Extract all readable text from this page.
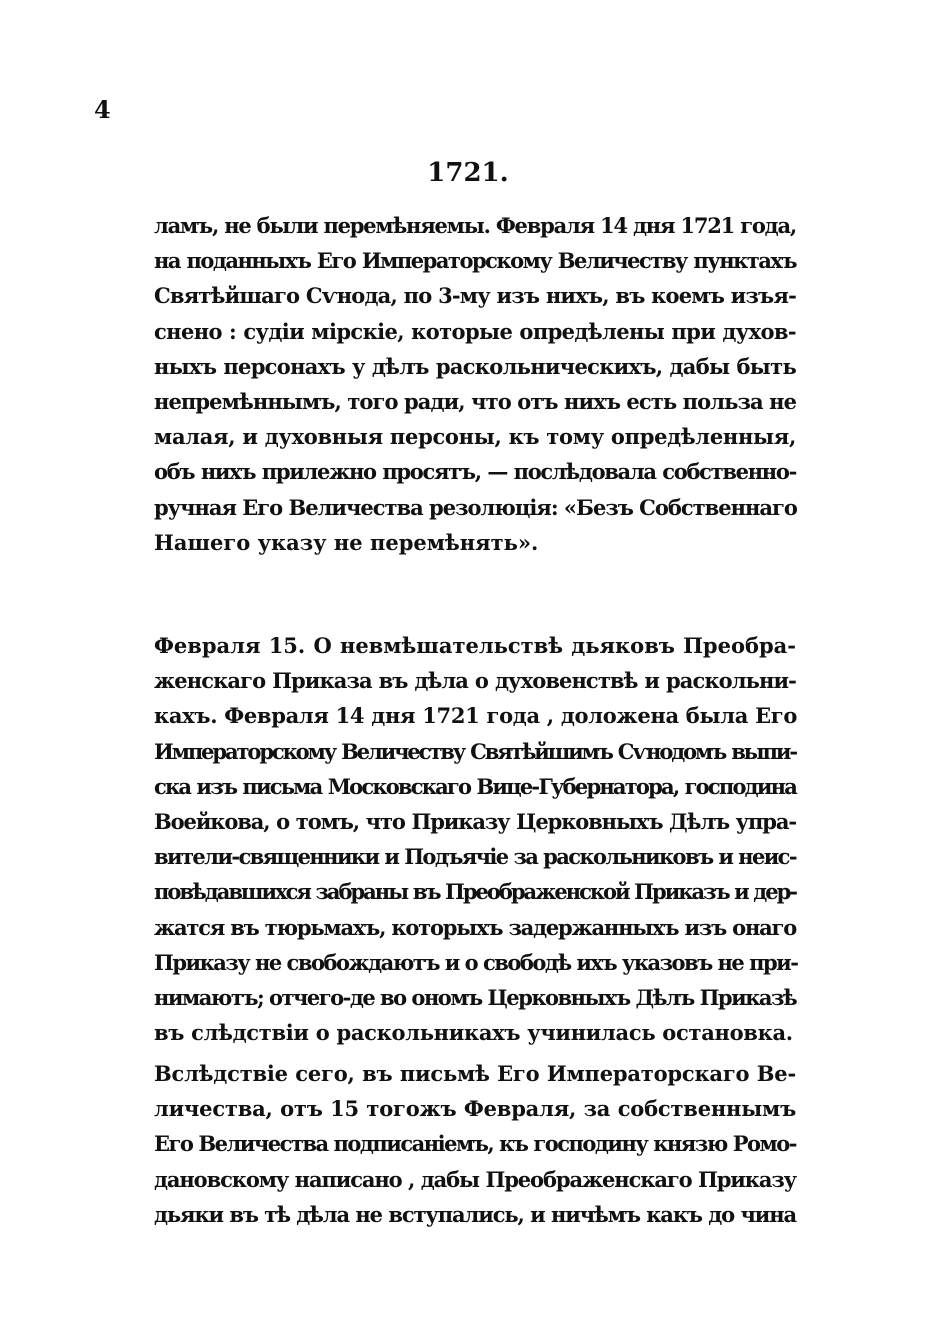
4
1721.
ламъ, не были перемѣняемы. Февраля 14 дня 1721 года,
на поданныхъ Его Императорскому Величеству пунктахъ
Святѣйшаго Сѵнода, по 3-му изъ нихъ, въ коемъ изъя-
снено : судіи мірскіе, которые опредѣлены при духов-
ныхъ персонахъ у дѣлъ раскольническихъ, дабы быть
непремѣннымъ, того ради, что отъ нихъ есть польза не
малая, и духовныя персоны, къ тому опредѣленныя,
объ нихъ прилежно просятъ, — послѣдовала собственно-
ручная Его Величества резолюція: «Безъ Собственнаго
Нашего указу не перемѣнять».
Февраля 15. О невмѣшательствѣ дьяковъ Преобра-
женскаго Приказа въ дѣла о духовенствѣ и раскольни-
кахъ. Февраля 14 дня 1721 года , доложена была Его
Императорскому Величеству Святѣйшимъ Сѵнодомъ выпи-
ска изъ письма Московскаго Вице-Губернатора, господина
Воейкова, о томъ, что Приказу Церковныхъ Дѣлъ упра-
вители-священники и Подъячіе за раскольниковъ и неис-
повѣдавшихся забраны въ Преображенской Приказъ и дер-
жатся въ тюрьмахъ, которыхъ задержанныхъ изъ онаго
Приказу не свобождаютъ и о свободѣ ихъ указовъ не при-
нимаютъ; отчего-де во ономъ Церковныхъ Дѣлъ Приказѣ
въ слѣдствіи о раскольникахъ учинилась остановка.
Вслѣдствіе сего, въ письмѣ Его Императорскаго Ве-
личества, отъ 15 тогожъ Февраля, за собственнымъ
Его Величества подписаніемъ, къ господину князю Ромо-
дановскому написано , дабы Преображенскаго Приказу
дьяки въ тѣ дѣла не вступались, и ничѣмъ какъ до чина
